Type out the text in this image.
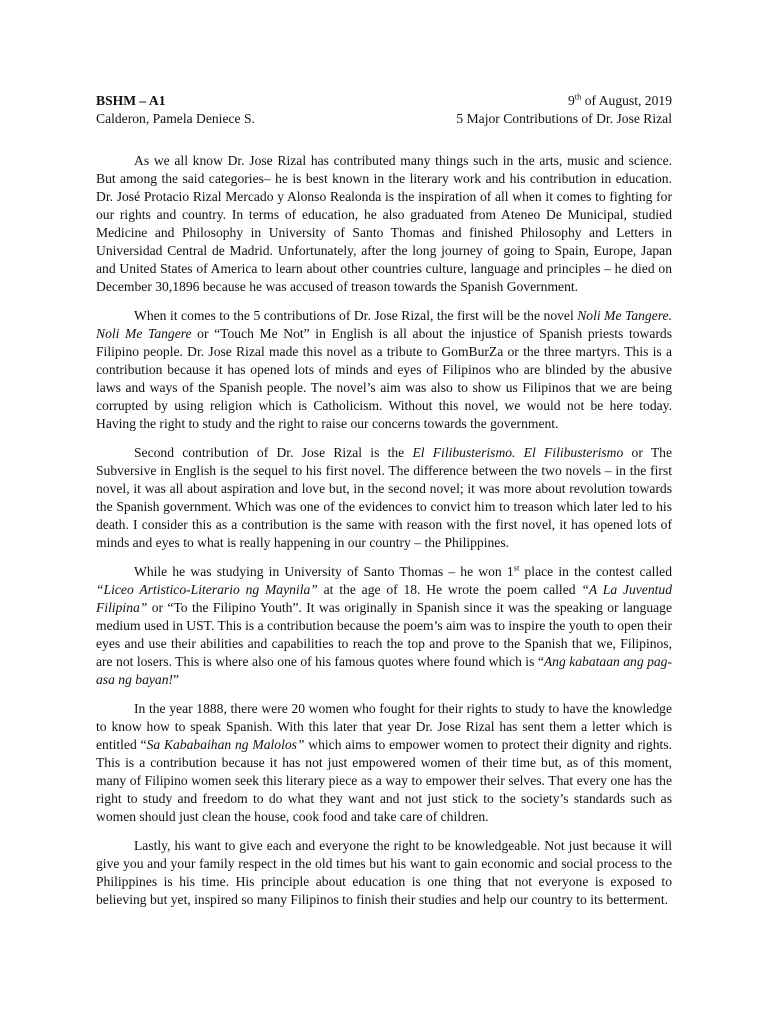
BSHM – A1
Calderon, Pamela Deniece S.
9th of August, 2019
5 Major Contributions of Dr. Jose Rizal

As we all know Dr. Jose Rizal has contributed many things such in the arts, music and science. But among the said categories– he is best known in the literary work and his contribution in education. Dr. José Protacio Rizal Mercado y Alonso Realonda is the inspiration of all when it comes to fighting for our rights and country. In terms of education, he also graduated from Ateneo De Municipal, studied Medicine and Philosophy in University of Santo Thomas and finished Philosophy and Letters in Universidad Central de Madrid. Unfortunately, after the long journey of going to Spain, Europe, Japan and United States of America to learn about other countries culture, language and principles – he died on December 30,1896 because he was accused of treason towards the Spanish Government.

When it comes to the 5 contributions of Dr. Jose Rizal, the first will be the novel Noli Me Tangere. Noli Me Tangere or “Touch Me Not” in English is all about the injustice of Spanish priests towards Filipino people. Dr. Jose Rizal made this novel as a tribute to GomBurZa or the three martyrs. This is a contribution because it has opened lots of minds and eyes of Filipinos who are blinded by the abusive laws and ways of the Spanish people. The novel’s aim was also to show us Filipinos that we are being corrupted by using religion which is Catholicism. Without this novel, we would not be here today. Having the right to study and the right to raise our concerns towards the government.

Second contribution of Dr. Jose Rizal is the El Filibusterismo. El Filibusterismo or The Subversive in English is the sequel to his first novel. The difference between the two novels – in the first novel, it was all about aspiration and love but, in the second novel; it was more about revolution towards the Spanish government. Which was one of the evidences to convict him to treason which later led to his death. I consider this as a contribution is the same with reason with the first novel, it has opened lots of minds and eyes to what is really happening in our country – the Philippines.

While he was studying in University of Santo Thomas – he won 1st place in the contest called “Liceo Artistico-Literario ng Maynila” at the age of 18. He wrote the poem called “A La Juventud Filipina” or “To the Filipino Youth”. It was originally in Spanish since it was the speaking or language medium used in UST. This is a contribution because the poem’s aim was to inspire the youth to open their eyes and use their abilities and capabilities to reach the top and prove to the Spanish that we, Filipinos, are not losers. This is where also one of his famous quotes where found which is “Ang kabataan ang pag-asa ng bayan!”

In the year 1888, there were 20 women who fought for their rights to study to have the knowledge to know how to speak Spanish. With this later that year Dr. Jose Rizal has sent them a letter which is entitled “Sa Kababaihan ng Malolos” which aims to empower women to protect their dignity and rights. This is a contribution because it has not just empowered women of their time but, as of this moment, many of Filipino women seek this literary piece as a way to empower their selves. That every one has the right to study and freedom to do what they want and not just stick to the society’s standards such as women should just clean the house, cook food and take care of children.

Lastly, his want to give each and everyone the right to be knowledgeable. Not just because it will give you and your family respect in the old times but his want to gain economic and social process to the Philippines is his time. His principle about education is one thing that not everyone is exposed to believing but yet, inspired so many Filipinos to finish their studies and help our country to its betterment.
